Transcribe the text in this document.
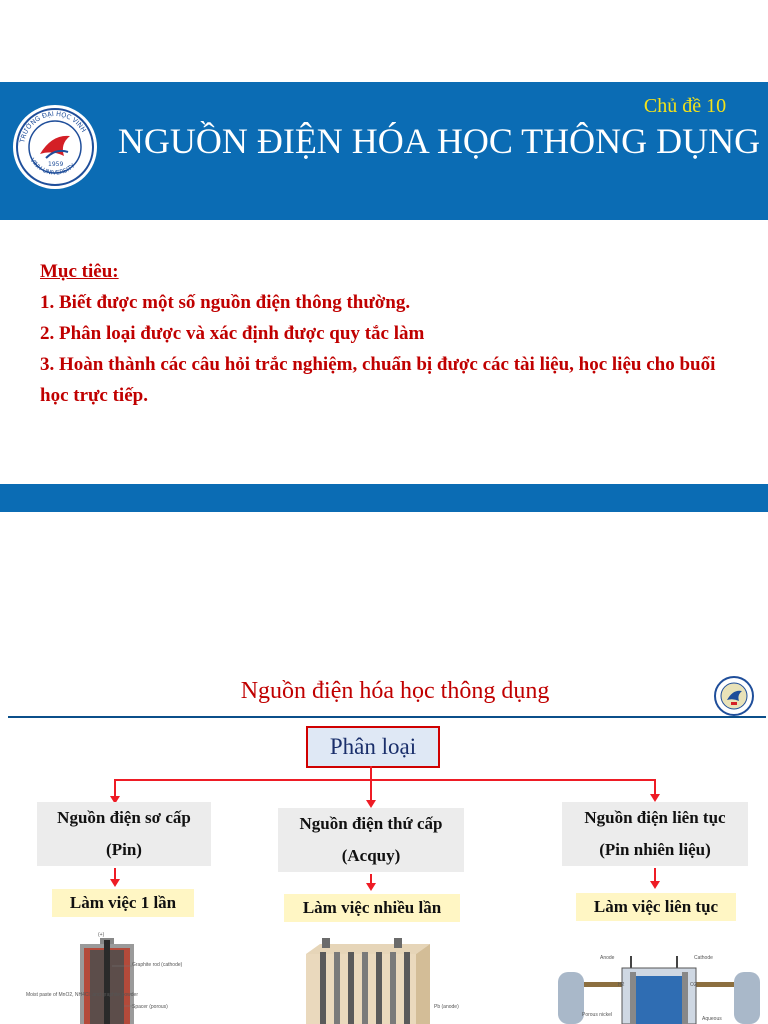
1959
TRƯỜNG ĐẠI HỌC VINH
VINH UNIVERSITY
Chủ đề 10
NGUỒN ĐIỆN HÓA HỌC THÔNG DỤNG
Mục tiêu:
1. Biết được một số nguồn điện thông thường.
2. Phân loại được và xác định được quy tắc làm
3. Hoàn thành các câu hỏi trắc nghiệm, chuẩn bị được các tài liệu, học liệu cho buổi học trực tiếp.
Nguồn điện hóa học thông dụng
Phân loại
Nguồn điện sơ cấp
(Pin)
Làm việc 1 lần
Nguồn điện thứ cấp
(Acquy)
Làm việc nhiều lần
Nguồn điện liên tục
(Pin nhiên liệu)
Làm việc liên tục
(+)
Graphite rod (cathode)
Spacer (porous)
Moist paste of MnO2, NH4Cl, and graphite powder
Pb (anode)
Anode	Cathode
H2	O2
Porous nickel
Aqueous
